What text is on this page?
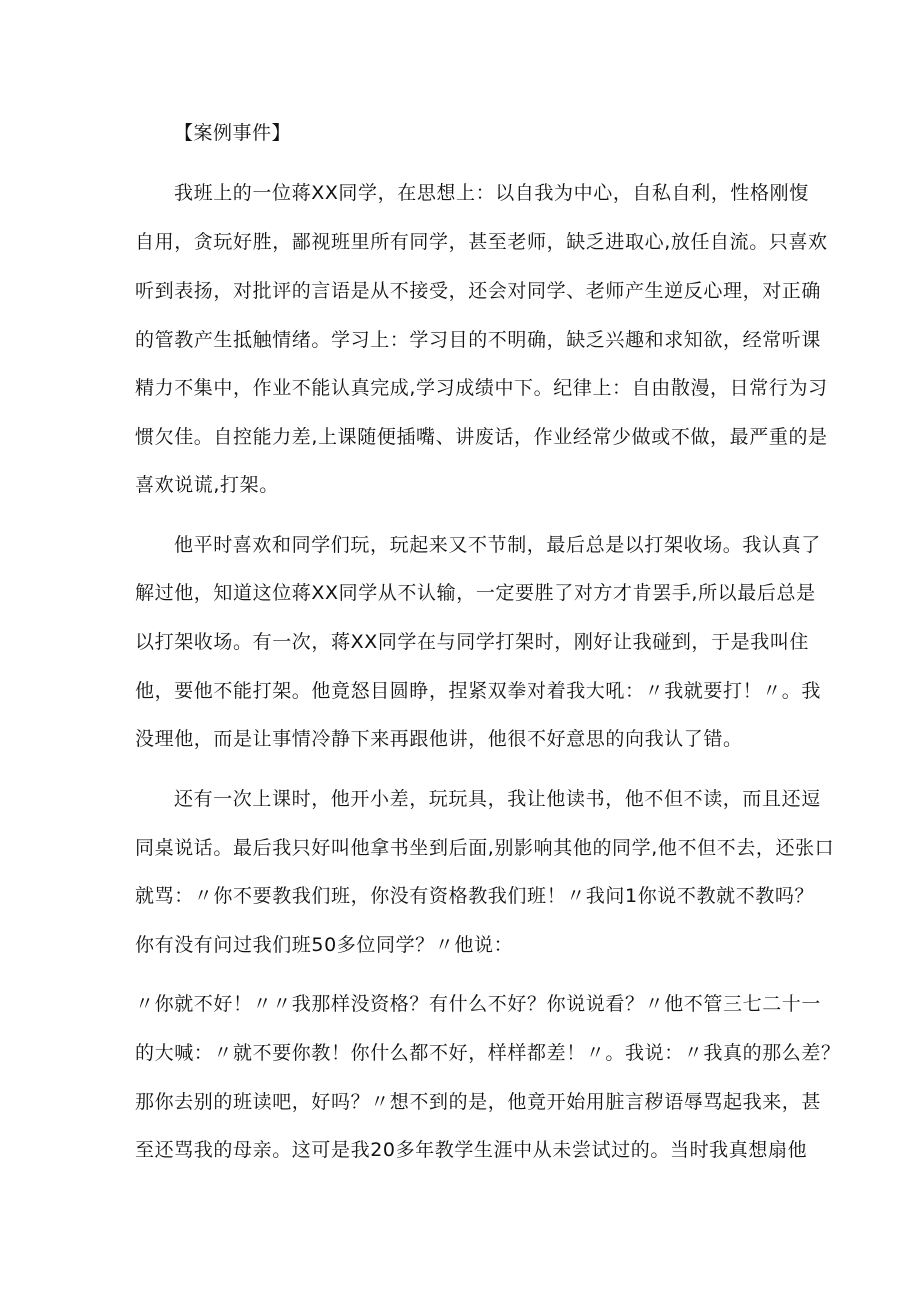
【案例事件】
我班上的一位蒋XX同学，在思想上：以自我为中心，自私自利，性格刚愎
自用，贪玩好胜，鄙视班里所有同学，甚至老师，缺乏进取心,放任自流。只喜欢
听到表扬，对批评的言语是从不接受，还会对同学、老师产生逆反心理，对正确
的管教产生抵触情绪。学习上：学习目的不明确，缺乏兴趣和求知欲，经常听课
精力不集中，作业不能认真完成,学习成绩中下。纪律上：自由散漫，日常行为习
惯欠佳。自控能力差,上课随便插嘴、讲废话，作业经常少做或不做，最严重的是
喜欢说谎,打架。
他平时喜欢和同学们玩，玩起来又不节制，最后总是以打架收场。我认真了
解过他，知道这位蒋XX同学从不认输，一定要胜了对方才肯罢手,所以最后总是
以打架收场。有一次，蒋XX同学在与同学打架时，刚好让我碰到，于是我叫住
他，要他不能打架。他竟怒目圆睁，捏紧双拳对着我大吼：〃我就要打！〃。我
没理他，而是让事情冷静下来再跟他讲，他很不好意思的向我认了错。
还有一次上课时，他开小差，玩玩具，我让他读书，他不但不读，而且还逗
同桌说话。最后我只好叫他拿书坐到后面,别影响其他的同学,他不但不去，还张口
就骂：〃你不要教我们班，你没有资格教我们班！〃我问1你说不教就不教吗？
你有没有问过我们班50多位同学？〃他说：
〃你就不好！〃〃我那样没资格？有什么不好？你说说看？〃他不管三七二十一
的大喊：〃就不要你教！你什么都不好，样样都差！〃。我说：〃我真的那么差？
那你去别的班读吧，好吗？〃想不到的是，他竟开始用脏言秽语辱骂起我来，甚
至还骂我的母亲。这可是我20多年教学生涯中从未尝试过的。当时我真想扇他
